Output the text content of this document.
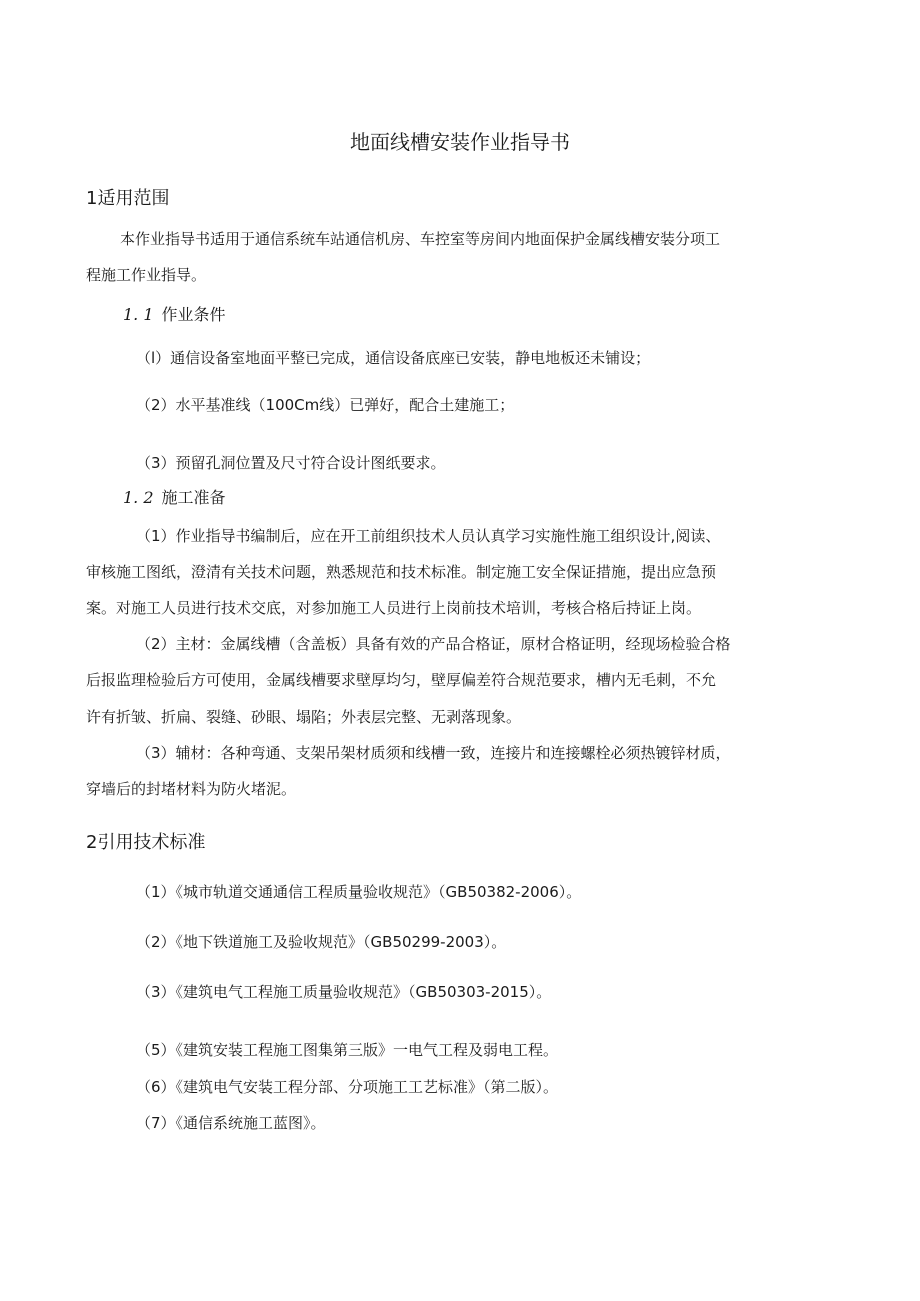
地面线槽安装作业指导书
1适用范围

本作业指导书适用于通信系统车站通信机房、车控室等房间内地面保护金属线槽安装分项工

程施工作业指导。

1. 1 作业条件

（l）通信设备室地面平整已完成，通信设备底座已安装，静电地板还未铺设；

（2）水平基准线（100Cm线）已弹好，配合土建施工；

（3）预留孔洞位置及尺寸符合设计图纸要求。

1. 2 施工准备

（1）作业指导书编制后，应在开工前组织技术人员认真学习实施性施工组织设计,阅读、

审核施工图纸，澄清有关技术问题，熟悉规范和技术标准。制定施工安全保证措施，提出应急预

案。对施工人员进行技术交底，对参加施工人员进行上岗前技术培训，考核合格后持证上岗。

（2）主材：金属线槽（含盖板）具备有效的产品合格证，原材合格证明，经现场检验合格

后报监理检验后方可使用，金属线槽要求壁厚均匀，壁厚偏差符合规范要求，槽内无毛刺，不允

许有折皱、折扁、裂缝、砂眼、塌陷；外表层完整、无剥落现象。

（3）辅材：各种弯通、支架吊架材质须和线槽一致，连接片和连接螺栓必须热镀锌材质，

穿墙后的封堵材料为防火堵泥。

2引用技术标准

（1）《城市轨道交通通信工程质量验收规范》（GB50382-2006）。

（2）《地下铁道施工及验收规范》（GB50299-2003）。

（3）《建筑电气工程施工质量验收规范》（GB50303-2015）。

（5）《建筑安装工程施工图集第三版》一电气工程及弱电工程。

（6）《建筑电气安装工程分部、分项施工工艺标准》（第二版）。

（7）《通信系统施工蓝图》。
